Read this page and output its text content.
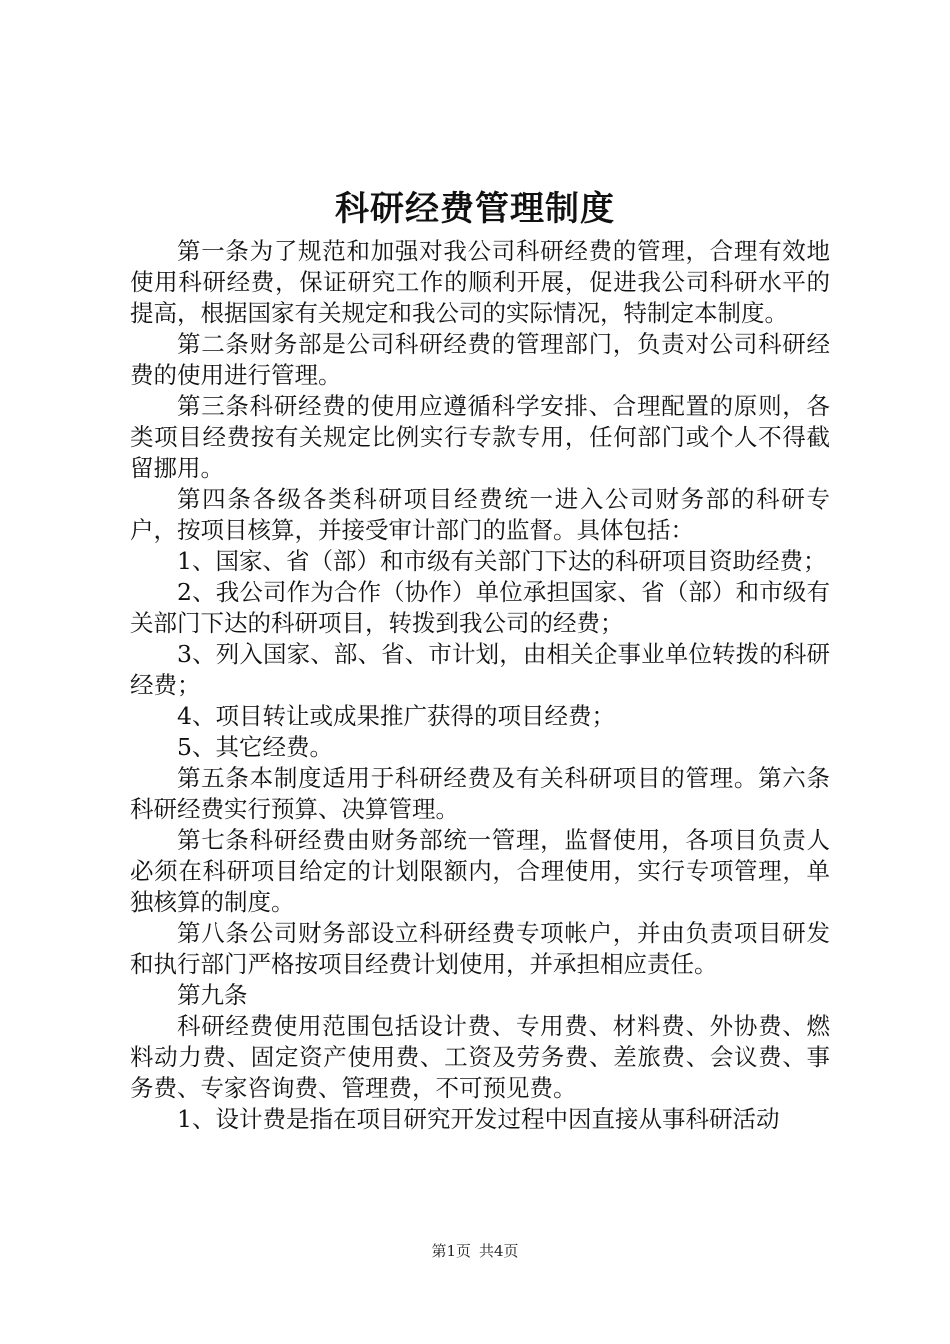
科研经费管理制度

第一条为了规范和加强对我公司科研经费的管理，合理有效地使用科研经费，保证研究工作的顺利开展，促进我公司科研水平的提高，根据国家有关规定和我公司的实际情况，特制定本制度。

第二条财务部是公司科研经费的管理部门，负责对公司科研经费的使用进行管理。

第三条科研经费的使用应遵循科学安排、合理配置的原则，各类项目经费按有关规定比例实行专款专用，任何部门或个人不得截留挪用。

第四条各级各类科研项目经费统一进入公司财务部的科研专户，按项目核算，并接受审计部门的监督。具体包括：

1、国家、省（部）和市级有关部门下达的科研项目资助经费；

2、我公司作为合作（协作）单位承担国家、省（部）和市级有关部门下达的科研项目，转拨到我公司的经费；

3、列入国家、部、省、市计划，由相关企事业单位转拨的科研经费；

4、项目转让或成果推广获得的项目经费；

5、其它经费。

第五条本制度适用于科研经费及有关科研项目的管理。第六条科研经费实行预算、决算管理。

第七条科研经费由财务部统一管理，监督使用，各项目负责人必须在科研项目给定的计划限额内，合理使用，实行专项管理，单独核算的制度。

第八条公司财务部设立科研经费专项帐户，并由负责项目研发和执行部门严格按项目经费计划使用，并承担相应责任。

第九条

科研经费使用范围包括设计费、专用费、材料费、外协费、燃料动力费、固定资产使用费、工资及劳务费、差旅费、会议费、事务费、专家咨询费、管理费，不可预见费。

1、设计费是指在项目研究开发过程中因直接从事科研活动

第1页 共4页
